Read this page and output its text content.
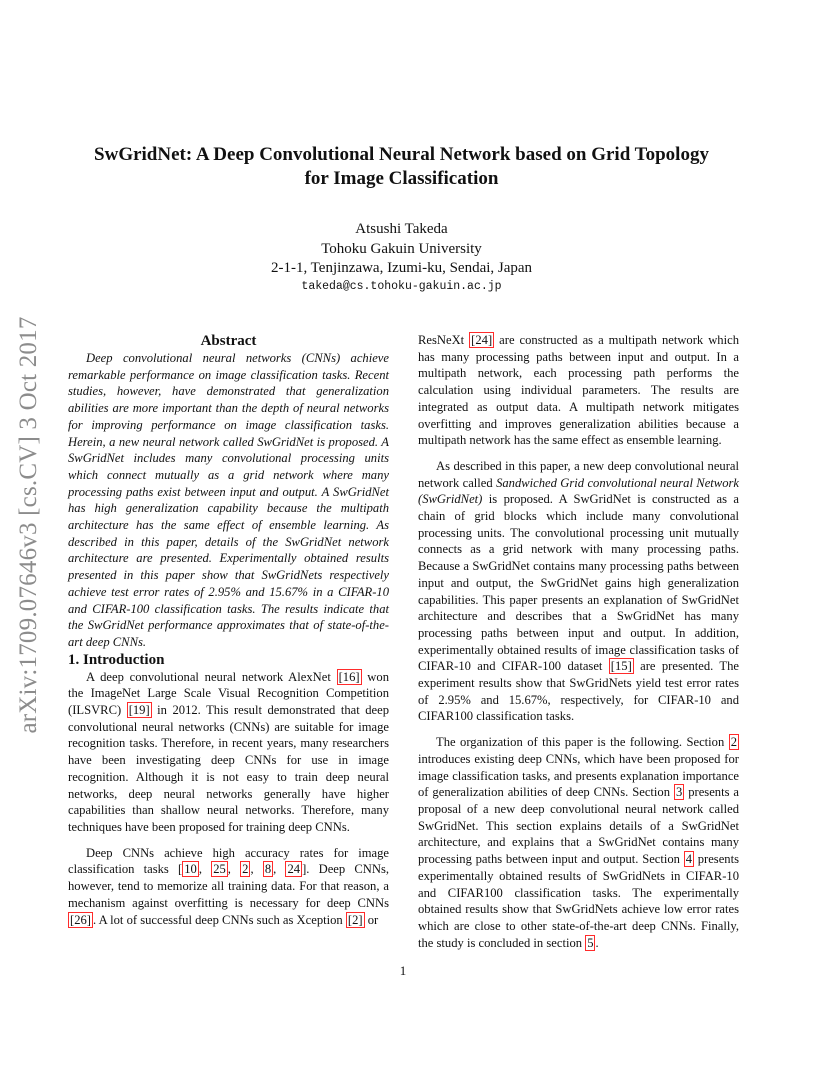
arXiv:1709.07646v3 [cs.CV] 3 Oct 2017
SwGridNet: A Deep Convolutional Neural Network based on Grid Topology
for Image Classification
Atsushi Takeda
Tohoku Gakuin University
2-1-1, Tenjinzawa, Izumi-ku, Sendai, Japan
takeda@cs.tohoku-gakuin.ac.jp

Abstract

Deep convolutional neural networks (CNNs) achieve remarkable performance on image classification tasks. Recent studies, however, have demonstrated that generalization abilities are more important than the depth of neural networks for improving performance on image classification tasks. Herein, a new neural network called SwGridNet is proposed. A SwGridNet includes many convolutional processing units which connect mutually as a grid network where many processing paths exist between input and output. A SwGridNet has high generalization capability because the multipath architecture has the same effect of ensemble learning. As described in this paper, details of the SwGridNet network architecture are presented. Experimentally obtained results presented in this paper show that SwGridNets respectively achieve test error rates of 2.95% and 15.67% in a CIFAR-10 and CIFAR-100 classification tasks. The results indicate that the SwGridNet performance approximates that of state-of-the-art deep CNNs.

1. Introduction

A deep convolutional neural network AlexNet [16] won the ImageNet Large Scale Visual Recognition Competition (ILSVRC) [19] in 2012. This result demonstrated that deep convolutional neural networks (CNNs) are suitable for image recognition tasks. Therefore, in recent years, many researchers have been investigating deep CNNs for use in image recognition. Although it is not easy to train deep neural networks, deep neural networks generally have higher capabilities than shallow neural networks. Therefore, many techniques have been proposed for training deep CNNs.

Deep CNNs achieve high accuracy rates for image classification tasks [ 10 , 25 , 2 , 8 , 24 ]. Deep CNNs, however, tend to memorize all training data. For that reason, a mechanism against overfitting is necessary for deep CNNs [26] . A lot of successful deep CNNs such as Xception [2] or

ResNeXt [24] are constructed as a multipath network which has many processing paths between input and output. In a multipath network, each processing path performs the calculation using individual parameters. The results are integrated as output data. A multipath network mitigates overfitting and improves generalization abilities because a multipath network has the same effect as ensemble learning.

As described in this paper, a new deep convolutional neural network called Sandwiched Grid convolutional neural Network (SwGridNet) is proposed. A SwGridNet is constructed as a chain of grid blocks which include many convolutional processing units. The convolutional processing unit mutually connects as a grid network with many processing paths. Because a SwGridNet contains many processing paths between input and output, the SwGridNet gains high generalization capabilities. This paper presents an explanation of SwGridNet architecture and describes that a SwGridNet has many processing paths between input and output. In addition, experimentally obtained results of image classification tasks of CIFAR-10 and CIFAR-100 dataset [15] are presented. The experiment results show that SwGridNets yield test error rates of 2.95% and 15.67%, respectively, for CIFAR-10 and CIFAR100 classification tasks.

The organization of this paper is the following. Section 2 introduces existing deep CNNs, which have been proposed for image classification tasks, and presents explanation importance of generalization abilities of deep CNNs. Section 3 presents a proposal of a new deep convolutional neural network called SwGridNet. This section explains details of a SwGridNet architecture, and explains that a SwGridNet contains many processing paths between input and output. Section 4 presents experimentally obtained results of SwGridNets in CIFAR-10 and CIFAR100 classification tasks. The experimentally obtained results show that SwGridNets achieve low error rates which are close to other state-of-the-art deep CNNs. Finally, the study is concluded in section 5 .

1
